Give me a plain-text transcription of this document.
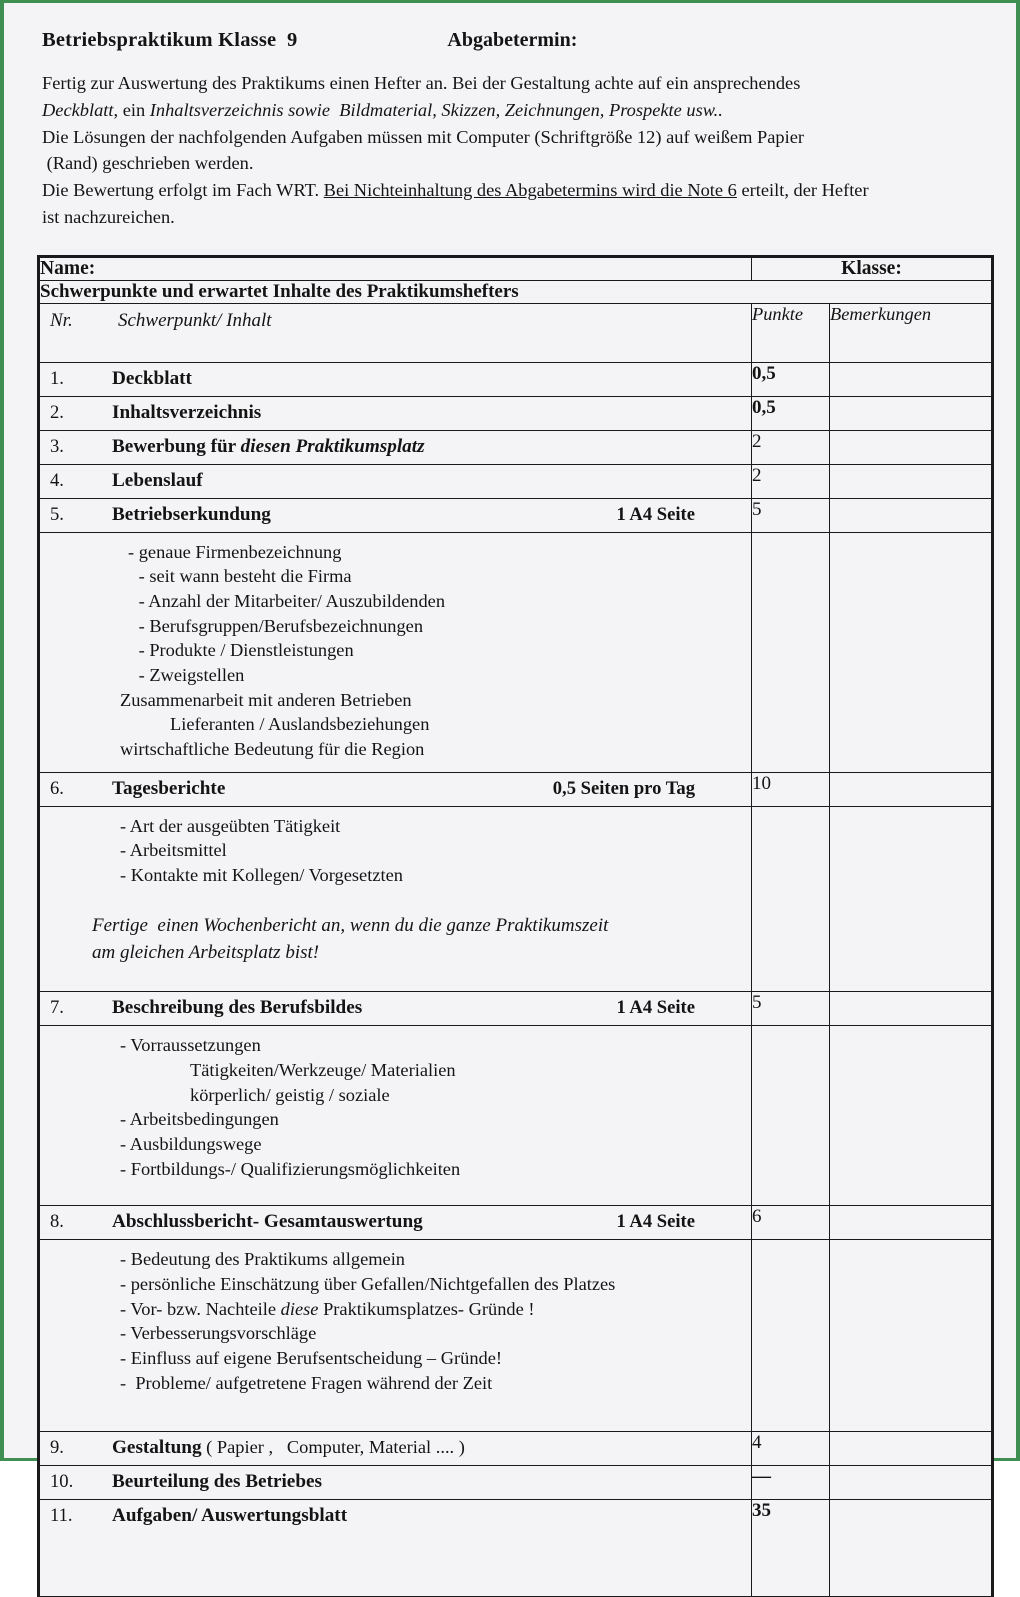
Betriebspraktikum Klasse  9	Abgabetermin:

Fertig zur Auswertung des Praktikums einen Hefter an. Bei der Gestaltung achte auf ein ansprechendes

Deckblatt, ein Inhaltsverzeichnis sowie  Bildmaterial, Skizzen, Zeichnungen, Prospekte usw..

Die Lösungen der nachfolgenden Aufgaben müssen mit Computer (Schriftgröße 12) auf weißem Papier

(Rand) geschrieben werden.

Die Bewertung erfolgt im Fach WRT. Bei Nichteinhaltung des Abgabetermins wird die Note 6 erteilt, der Hefter

ist nachzureichen.

Name:	Klasse:	
Schwerpunkte und erwartet Inhalte des Praktikumshefters		

Nr. Schwerpunkt/ Inhalt	Punkte	Bemerkungen

1. Deckblatt	0,5	

2. Inhaltsverzeichnis	0,5	

3. Bewerbung für diesen Praktikumsplatz	2	

4. Lebenslauf	2	

5. Betriebserkundung 1 A4 Seite	5	

- genaue Firmenbezeichnung
- seit wann besteht die Firma
- Anzahl der Mitarbeiter/ Auszubildenden
- Berufsgruppen/Berufsbezeichnungen
- Produkte / Dienstleistungen
- Zweigstellen
Zusammenarbeit mit anderen Betrieben
Lieferanten / Auslandsbeziehungen
wirtschaftliche Bedeutung für die Region

6. Tagesberichte 0,5 Seiten pro Tag	10	

- Art der ausgeübten Tätigkeit
- Arbeitsmittel
- Kontakte mit Kollegen/ Vorgesetzten
Fertige  einen Wochenbericht an, wenn du die ganze Praktikumszeit
am gleichen Arbeitsplatz bist!		

7. Beschreibung des Berufsbildes 1 A4 Seite	5	

- Vorraussetzungen
Tätigkeiten/Werkzeuge/ Materialien
körperlich/ geistig / soziale
- Arbeitsbedingungen
- Ausbildungswege
- Fortbildungs-/ Qualifizierungsmöglichkeiten

8. Abschlussbericht- Gesamtauswertung 1 A4 Seite	6	

- Bedeutung des Praktikums allgemein
- persönliche Einschätzung über Gefallen/Nichtgefallen des Platzes
- Vor- bzw. Nachteile diese Praktikumsplatzes- Gründe !
- Verbesserungsvorschläge
- Einfluss auf eigene Berufsentscheidung – Gründe!
-  Probleme/ aufgetretene Fragen während der Zeit

9. Gestaltung ( Papier ,   Computer, Material .... )	4	

10. Beurteilung des Betriebes	—	

11. Aufgaben/ Auswertungsblatt	35	
